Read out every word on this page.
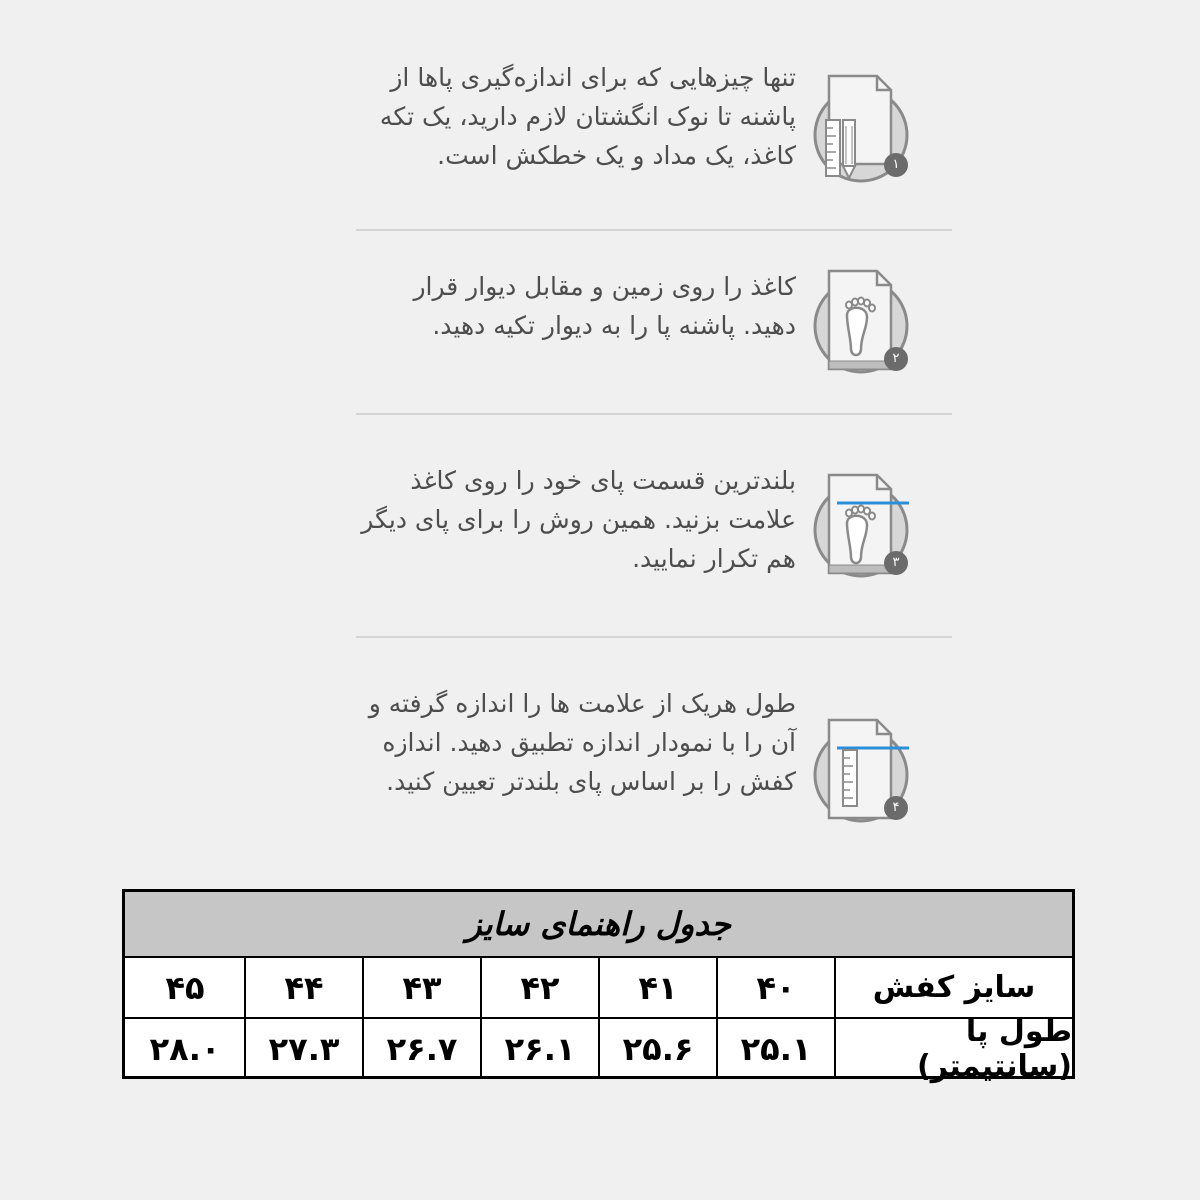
تنها چیزهایی که برای اندازه‌گیری پاها از پاشنه تا نوک انگشتان لازم دارید، یک تکه کاغذ، یک مداد و یک خطکش است.	۱
کاغذ را روی زمین و مقابل دیوار قرار دهید. پاشنه پا را به دیوار تکیه دهید.
۲
بلندترین قسمت پای خود را روی کاغذ علامت بزنید. همین روش را برای پای دیگر هم تکرار نمایید.	۳
طول هریک از علامت ها را اندازه گرفته و آن را با نمودار اندازه تطبیق دهید. اندازه کفش را بر اساس پای بلندتر تعیین کنید.
۴
جدول راهنمای سایز
سایز کفش
۴۰
۴۱
۴۲
۴۳
۴۴
۴۵
طول پا (سانتیمتر)
۲۵.۱
۲۵.۶
۲۶.۱
۲۶.۷
۲۷.۳
۲۸.۰
